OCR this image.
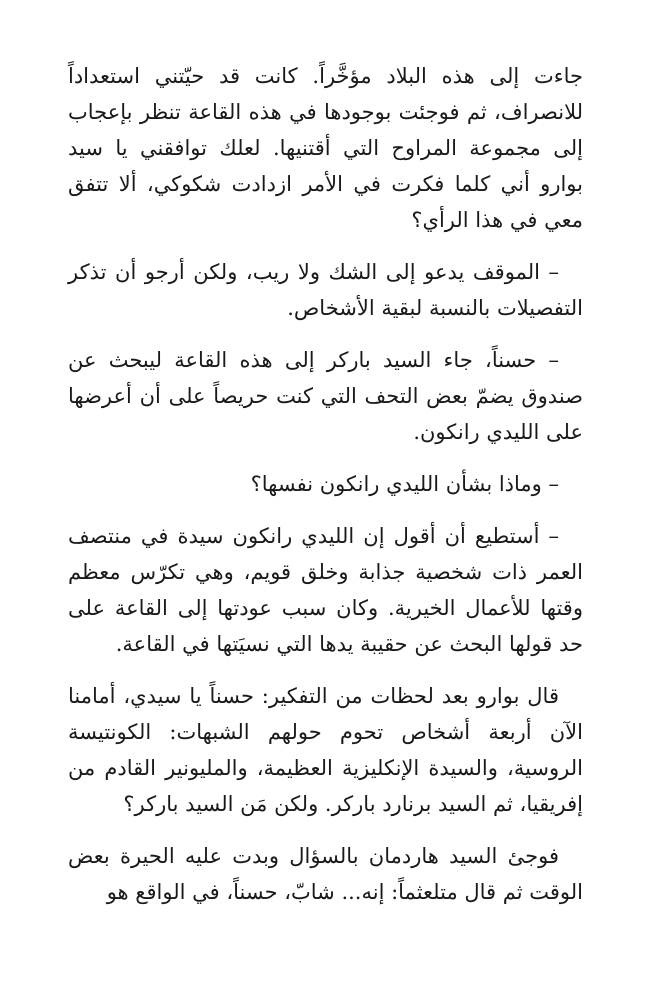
جاءت إلى هذه البلاد مؤخَّراً. كانت قد حيّتني استعداداً للانصراف، ثم فوجئت بوجودها في هذه القاعة تنظر بإعجاب إلى مجموعة المراوح التي أقتنيها. لعلك توافقني يا سيد بوارو أني كلما فكرت في الأمر ازدادت شكوكي، ألا تتفق معي في هذا الرأي؟

– الموقف يدعو إلى الشك ولا ريب، ولكن أرجو أن تذكر التفصيلات بالنسبة لبقية الأشخاص.

– حسناً، جاء السيد باركر إلى هذه القاعة ليبحث عن صندوق يضمّ بعض التحف التي كنت حريصاً على أن أعرضها على الليدي رانكون.

– وماذا بشأن الليدي رانكون نفسها؟

– أستطيع أن أقول إن الليدي رانكون سيدة في منتصف العمر ذات شخصية جذابة وخلق قويم، وهي تكرّس معظم وقتها للأعمال الخيرية. وكان سبب عودتها إلى القاعة على حد قولها البحث عن حقيبة يدها التي نسيَتها في القاعة.

قال بوارو بعد لحظات من التفكير: حسناً يا سيدي، أمامنا الآن أربعة أشخاص تحوم حولهم الشبهات: الكونتيسة الروسية، والسيدة الإنكليزية العظيمة، والمليونير القادم من إفريقيا، ثم السيد برنارد باركر. ولكن مَن السيد باركر؟

فوجئ السيد هاردمان بالسؤال وبدت عليه الحيرة بعض الوقت ثم قال متلعثماً: إنه... شابّ، حسناً، في الواقع هو
